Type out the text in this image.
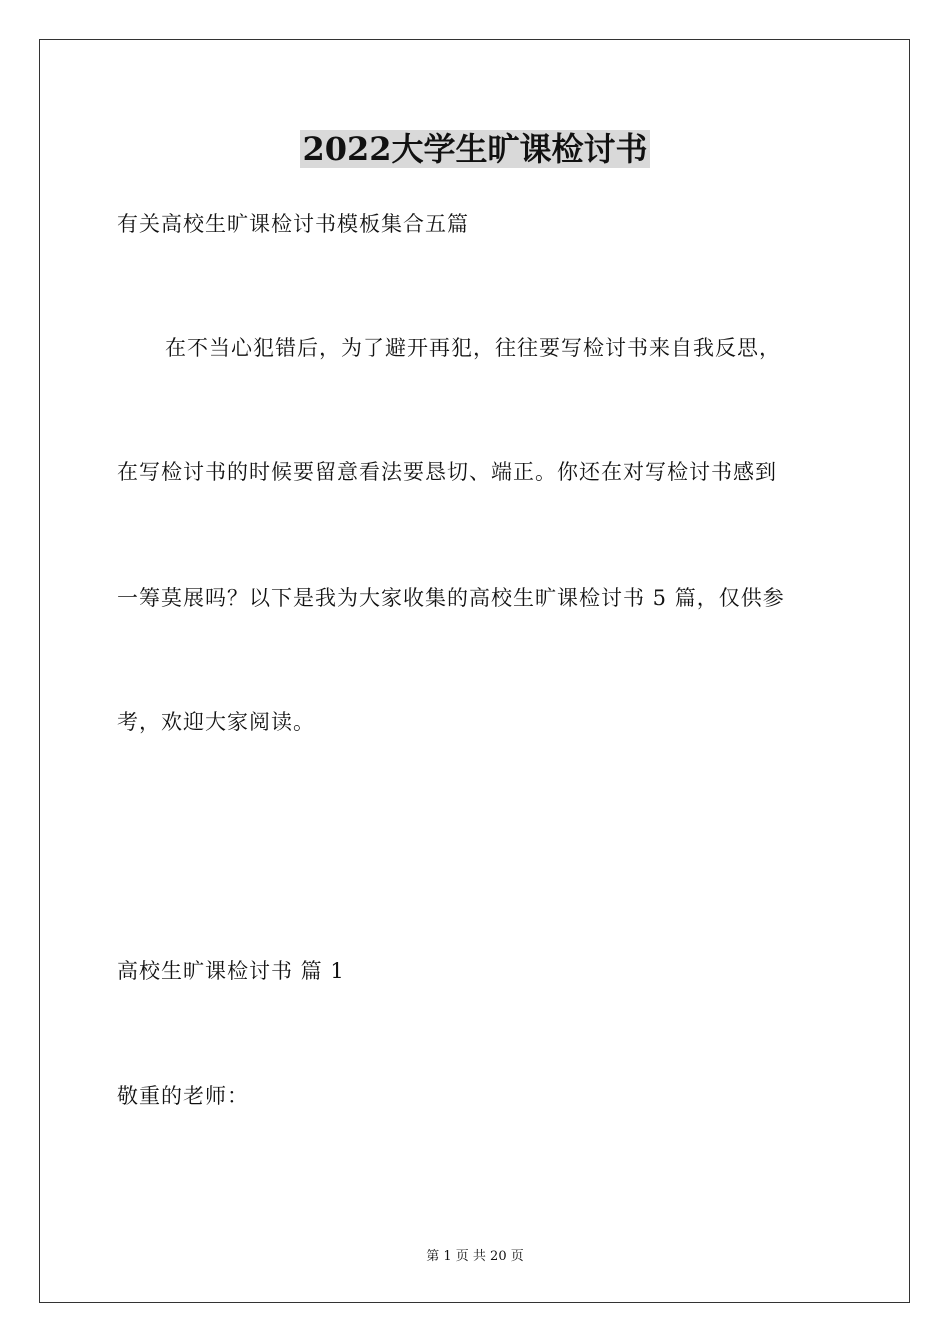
2022大学生旷课检讨书

有关高校生旷课检讨书模板集合五篇

在不当心犯错后，为了避开再犯，往往要写检讨书来自我反思，

在写检讨书的时候要留意看法要恳切、端正。你还在对写检讨书感到

一筹莫展吗？以下是我为大家收集的高校生旷课检讨书 5 篇，仅供参

考，欢迎大家阅读。

高校生旷课检讨书 篇 1

敬重的老师：

第 1 页 共 20 页
